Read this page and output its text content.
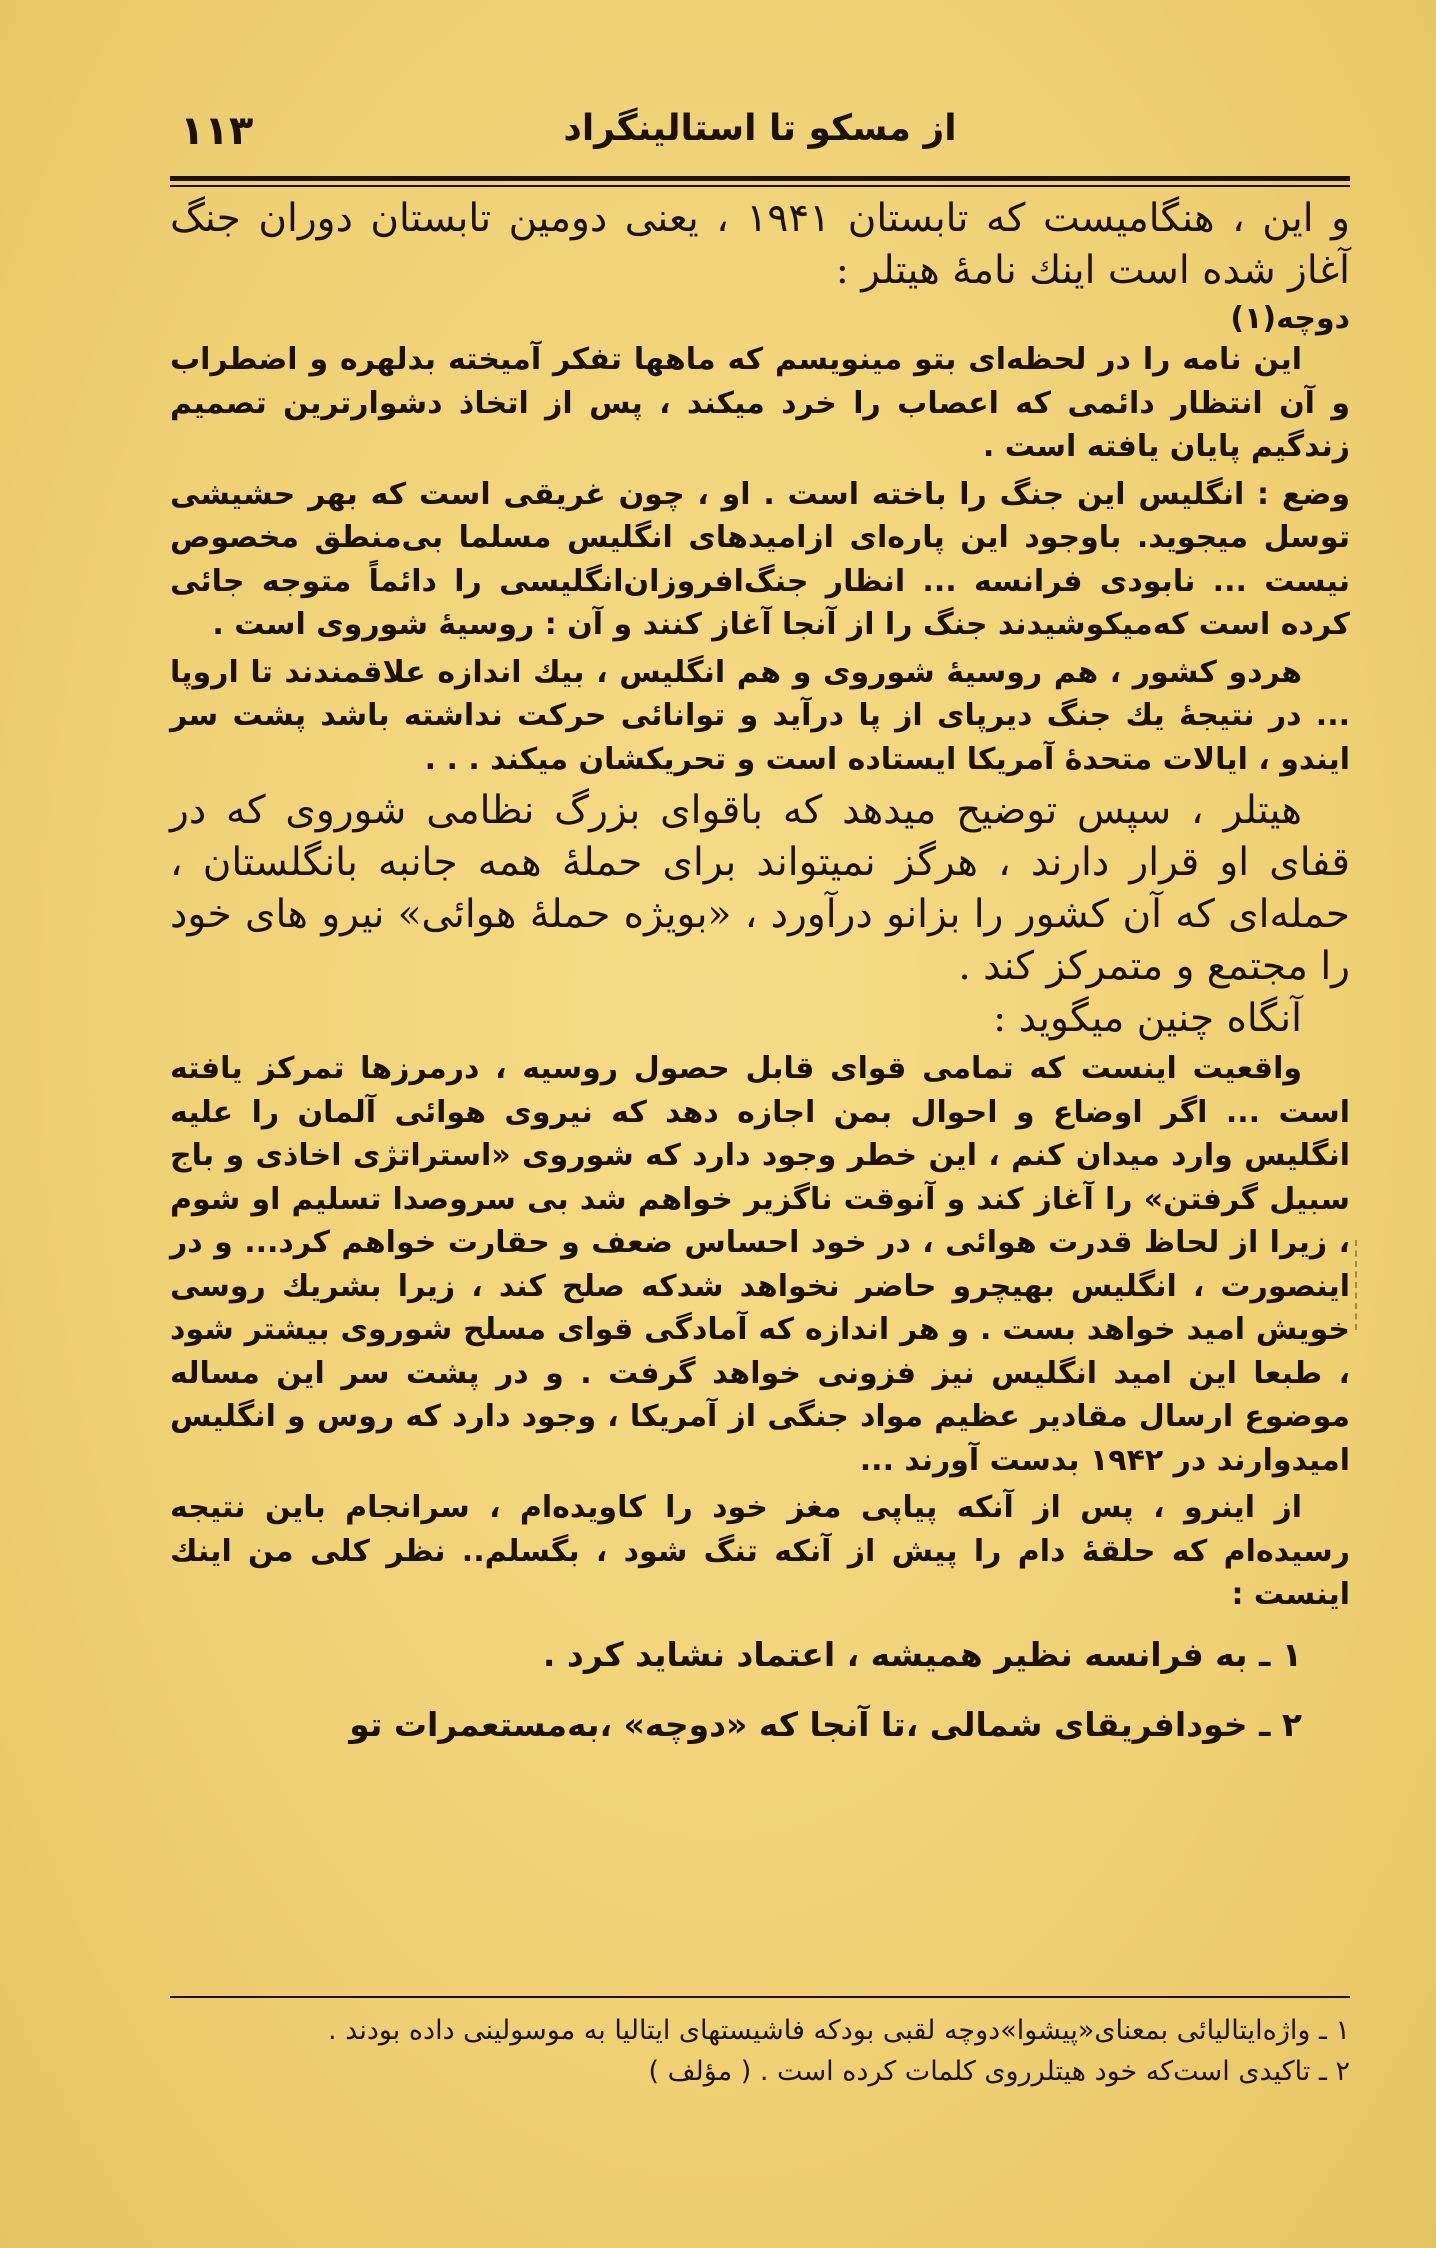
از مسکو تا استالینگراد
۱۱۳

و این ، هنگامیست که تابستان ۱۹۴۱ ، یعنی دومین تابستان دوران جنگ آغاز شده است اینك نامهٔ هیتلر :

دوچه(۱)

این نامه را در لحظه‌ای بتو مینویسم که ماهها تفکر آمیخته بدلهره و اضطراب و آن انتظار دائمی که اعصاب را خرد میکند ، پس از اتخاذ دشوارترین تصمیم زندگیم پایان یافته است .

وضع : انگلیس این جنگ را باخته است . او ، چون غریقی است که بهر حشیشی توسل میجوید. باوجود این پاره‌ای ازامیدهای انگلیس مسلما بی‌منطق مخصوص نیست ... نابودی فرانسه ... انظار جنگ‌افروزان‌انگلیسی را دائماً متوجه جائی کرده است که‌میکوشیدند جنگ را از آنجا آغاز کنند و آن : روسیهٔ شوروی است .

هردو کشور ، هم روسیهٔ شوروی و هم انگلیس ، بیك اندازه علاقمندند تا اروپا ... در نتیجهٔ یك جنگ دیرپای از پا درآید و توانائی حرکت نداشته باشد پشت سر ایندو ، ایالات متحدهٔ آمریکا ایستاده است و تحریکشان میکند . . .

هیتلر ، سپس توضیح میدهد که باقوای بزرگ نظامی شوروی که در قفای او قرار دارند ، هرگز نمیتواند برای حملهٔ همه جانبه بانگلستان ، حمله‌ای که آن کشور را بزانو درآورد ، «بویژه حملهٔ هوائی» نیرو های خود را مجتمع و متمرکز کند .

آنگاه چنین میگوید :

واقعیت اینست که تمامی قوای قابل حصول روسیه ، درمرزها تمرکز یافته است ... اگر اوضاع و احوال بمن اجازه دهد که نیروی هوائی آلمان را علیه انگلیس وارد میدان کنم ، این خطر وجود دارد که شوروی «استراتژی اخاذی و باج سبیل گرفتن» را آغاز کند و آنوقت ناگزیر خواهم شد بی سروصدا تسلیم او شوم ، زیرا از لحاظ قدرت هوائی ، در خود احساس ضعف و حقارت خواهم کرد... و در اینصورت ، انگلیس بهیچرو حاضر نخواهد شدکه صلح کند ، زیرا بشریك روسی خویش امید خواهد بست . و هر اندازه که آمادگی قوای مسلح شوروی بیشتر شود ، طبعا این امید انگلیس نیز فزونی خواهد گرفت . و در پشت سر این مساله موضوع ارسال مقادیر عظیم مواد جنگی از آمریکا ، وجود دارد که روس و انگلیس امیدوارند در ۱۹۴۲ بدست آورند ...

از اینرو ، پس از آنکه پیاپی مغز خود را کاویده‌ام ، سرانجام باین نتیجه رسیده‌ام که حلقهٔ دام را پیش از آنکه تنگ شود ، بگسلم.. نظر کلی من اینك اینست :

۱ ـ به فرانسه نظیر همیشه ، اعتماد نشاید کرد .
۲ ـ خودافریقای شمالی ،تا آنجا که «دوچه» ،بەمستعمرات تو

۱ ـ واژه‌ایتالیائی بمعنای«پیشوا»دوچه لقبی بودکه فاشیستهای ایتالیا به موسولینی داده بودند .

۲ ـ تاکیدی است‌که خود هیتلرروی کلمات کرده است . ( مؤلف )
